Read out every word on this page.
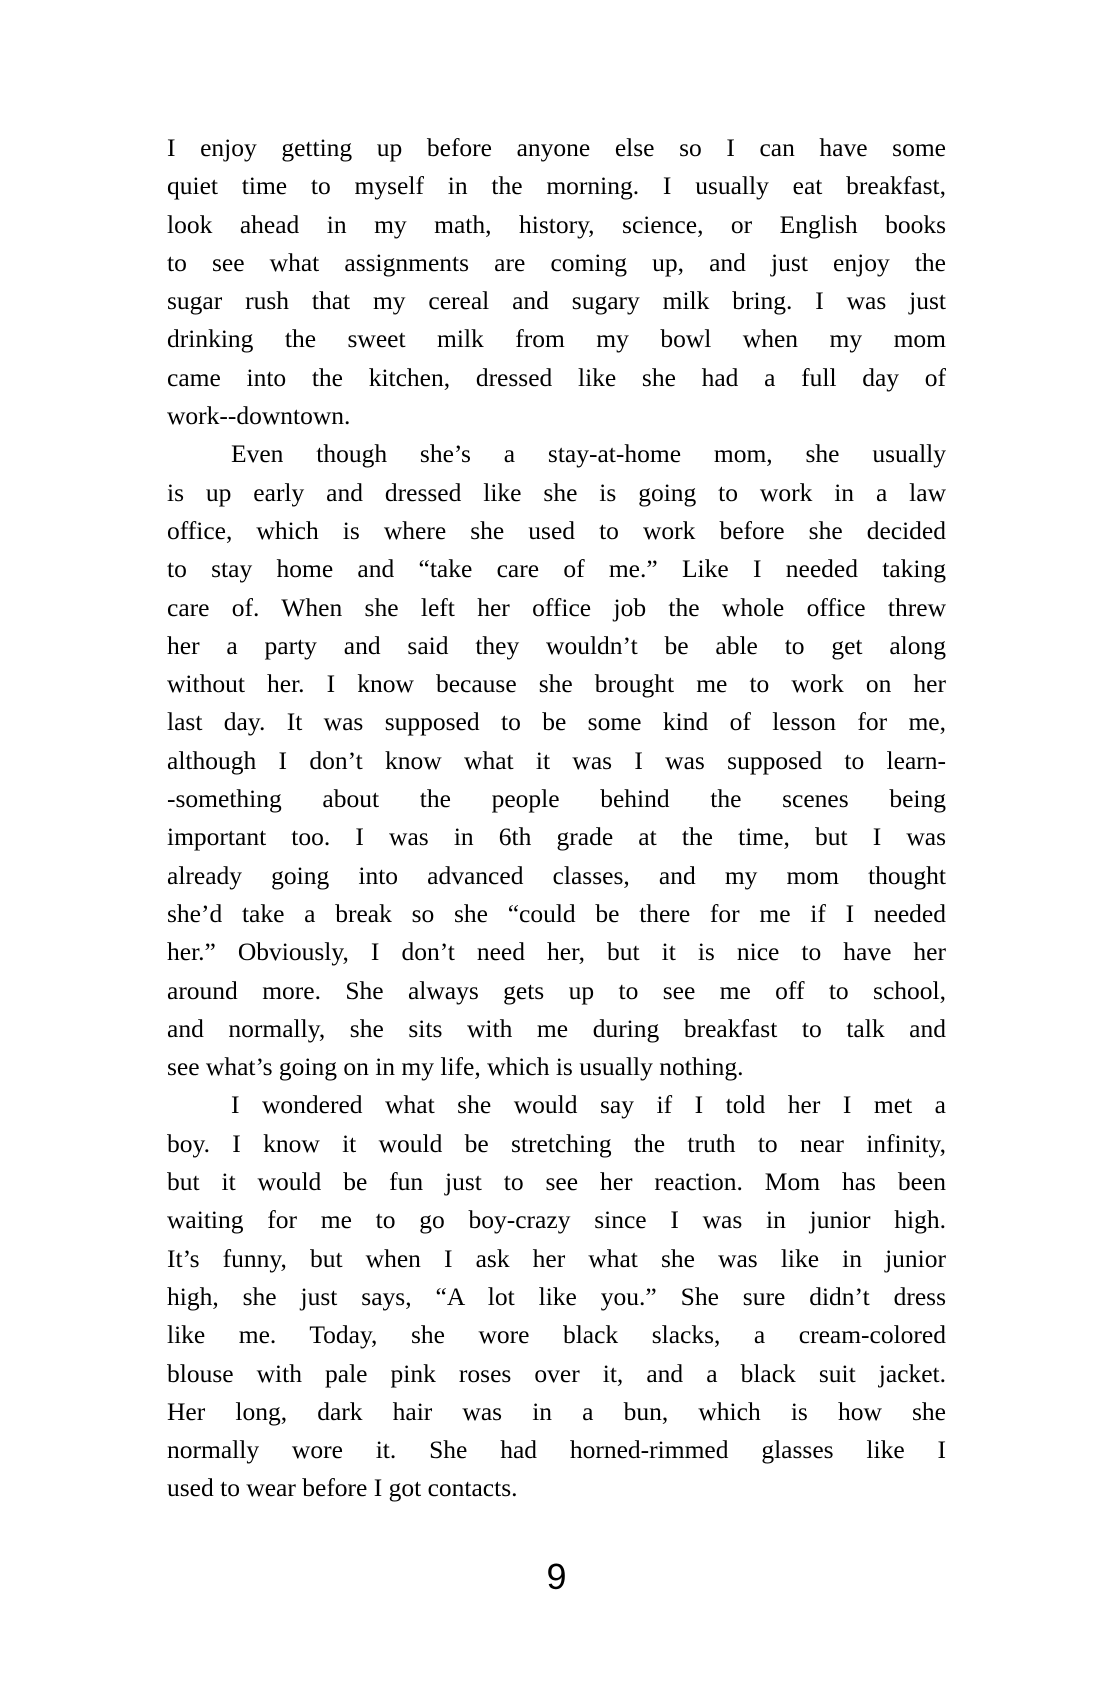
I enjoy getting up before anyone else so I can have some
quiet time to myself in the morning. I usually eat breakfast,
look ahead in my math, history, science, or English books
to see what assignments are coming up, and just enjoy the
sugar rush that my cereal and sugary milk bring. I was just
drinking the sweet milk from my bowl when my mom
came into the kitchen, dressed like she had a full day of
work--downtown.
Even though she’s a stay-at-home mom, she usually
is up early and dressed like she is going to work in a law
office, which is where she used to work before she decided
to stay home and “take care of me.” Like I needed taking
care of. When she left her office job the whole office threw
her a party and said they wouldn’t be able to get along
without her. I know because she brought me to work on her
last day. It was supposed to be some kind of lesson for me,
although I don’t know what it was I was supposed to learn-
-something about the people behind the scenes being
important too. I was in 6th grade at the time, but I was
already going into advanced classes, and my mom thought
she’d take a break so she “could be there for me if I needed
her.” Obviously, I don’t need her, but it is nice to have her
around more. She always gets up to see me off to school,
and normally, she sits with me during breakfast to talk and
see what’s going on in my life, which is usually nothing.
I wondered what she would say if I told her I met a
boy. I know it would be stretching the truth to near infinity,
but it would be fun just to see her reaction. Mom has been
waiting for me to go boy-crazy since I was in junior high.
It’s funny, but when I ask her what she was like in junior
high, she just says, “A lot like you.” She sure didn’t dress
like me. Today, she wore black slacks, a cream-colored
blouse with pale pink roses over it, and a black suit jacket.
Her long, dark hair was in a bun, which is how she
normally wore it. She had horned-rimmed glasses like I
used to wear before I got contacts.
9
